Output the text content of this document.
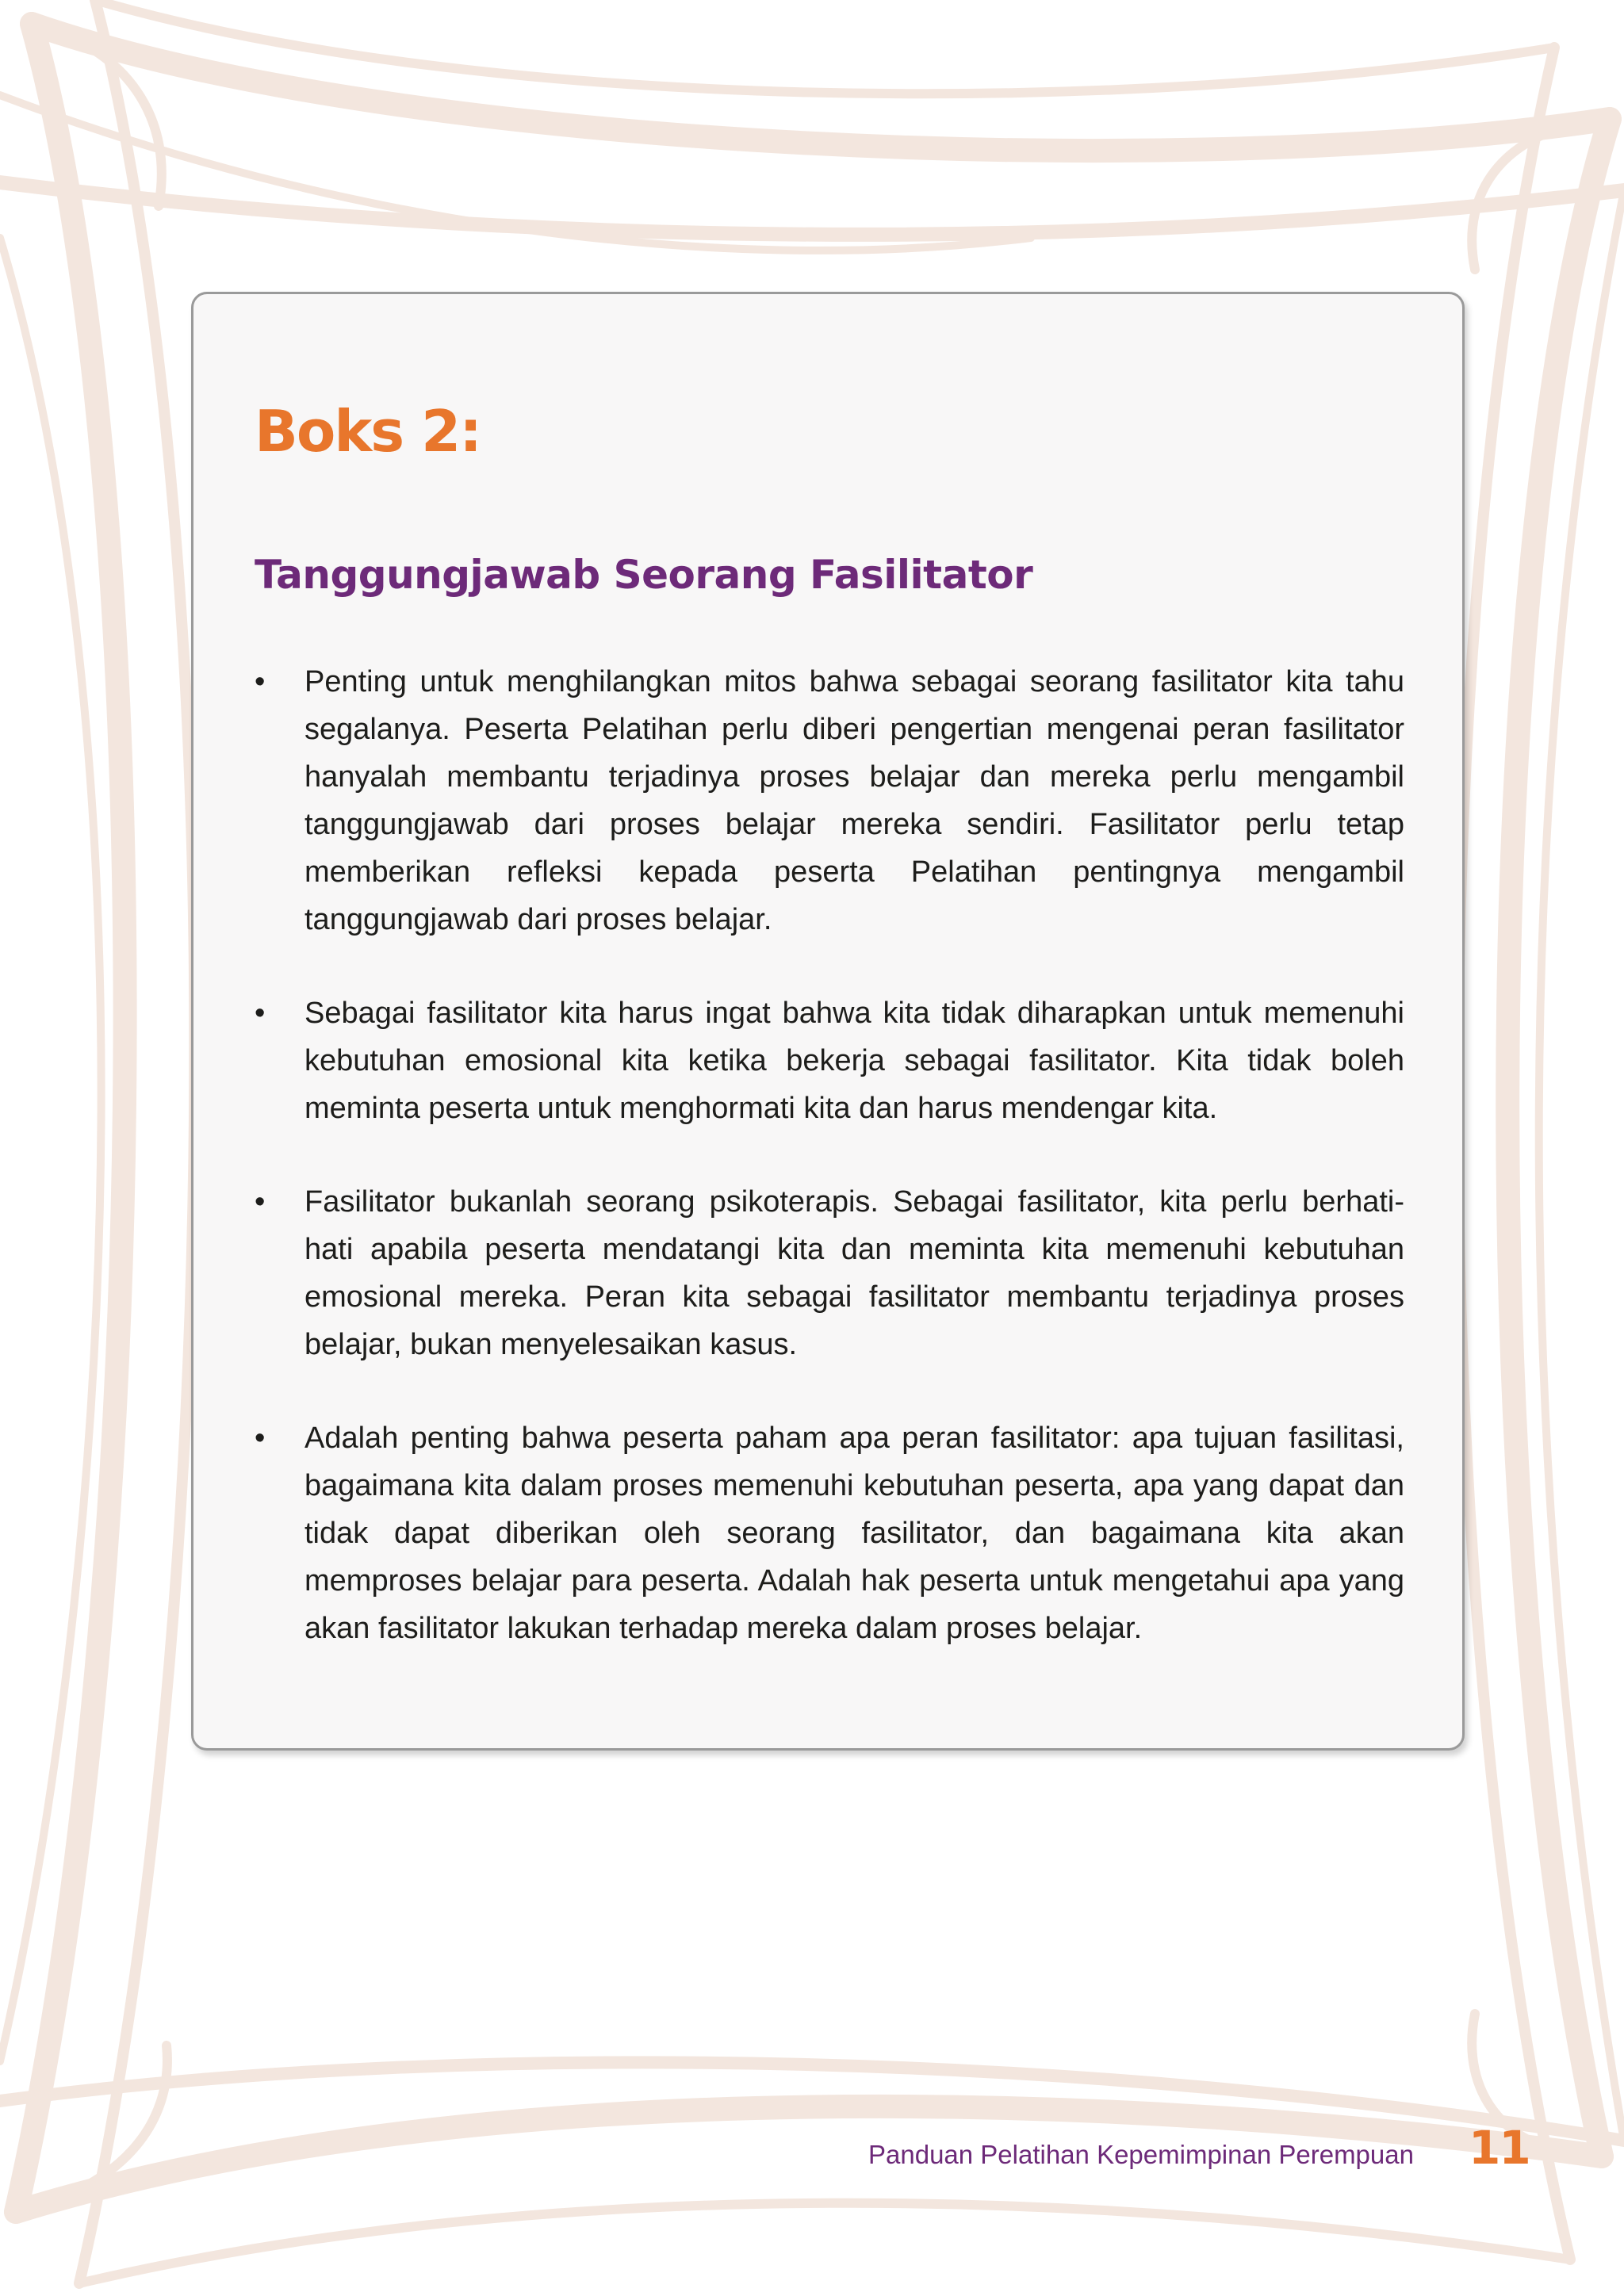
Boks 2:
Tanggungjawab Seorang Fasilitator
• Penting untuk menghilangkan mitos bahwa sebagai seorang fasilitator kita tahu segalanya. Peserta Pelatihan perlu diberi pengertian mengenai peran fasilitator hanyalah membantu terjadinya proses belajar dan mereka perlu mengambil tanggungjawab dari proses belajar mereka sendiri. Fasilitator perlu tetap memberikan refleksi kepada peserta Pelatihan pentingnya mengambil tanggungjawab dari proses belajar.
• Sebagai fasilitator kita harus ingat bahwa kita tidak diharapkan untuk memenuhi kebutuhan emosional kita ketika bekerja sebagai fasilitator. Kita tidak boleh meminta peserta untuk menghormati kita dan harus mendengar kita.
• Fasilitator bukanlah seorang psikoterapis. Sebagai fasilitator, kita perlu berhati-hati apabila peserta mendatangi kita dan meminta kita memenuhi kebutuhan emosional mereka. Peran kita sebagai fasilitator membantu terjadinya proses belajar, bukan menyelesaikan kasus.
• Adalah penting bahwa peserta paham apa peran fasilitator: apa tujuan fasilitasi, bagaimana kita dalam proses memenuhi kebutuhan peserta, apa yang dapat dan tidak dapat diberikan oleh seorang fasilitator, dan bagaimana kita akan memproses belajar para peserta. Adalah hak peserta untuk mengetahui apa yang akan fasilitator lakukan terhadap mereka dalam proses belajar.
Panduan Pelatihan Kepemimpinan Perempuan 11
